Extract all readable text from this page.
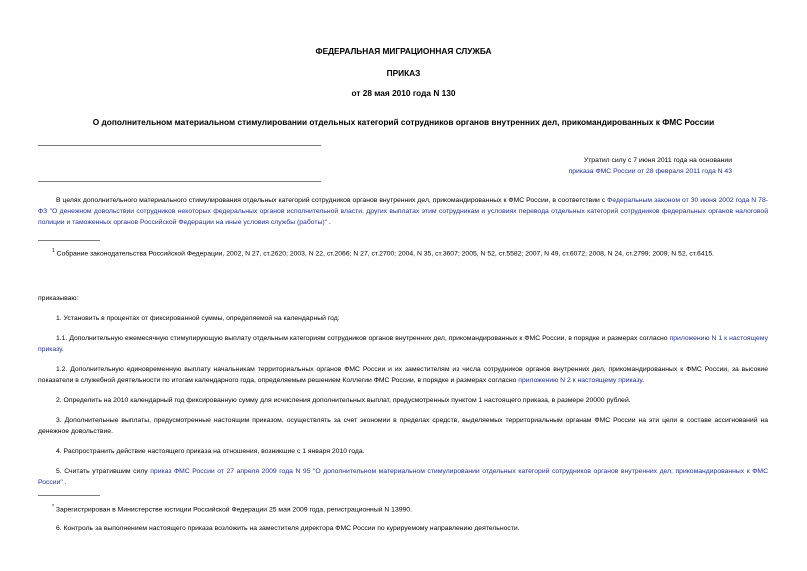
ФЕДЕРАЛЬНАЯ МИГРАЦИОННАЯ СЛУЖБА
ПРИКАЗ
от 28 мая 2010 года N 130
О дополнительном материальном стимулировании отдельных категорий сотрудников органов внутренних дел, прикомандированных к ФМС России
Утратил силу с 7 июня 2011 года на основании
приказа ФМС России от 28 февраля 2011 года N 43
В целях дополнительного материального стимулирования отдельных категорий сотрудников органов внутренних дел, прикомандированных к ФМС России, в соответствии с Федеральным законом от 30 июня 2002 года N 78-ФЗ "О денежном довольствии сотрудников некоторых федеральных органов исполнительной власти, других выплатах этим сотрудникам и условиях перевода отдельных категорий сотрудников федеральных органов налоговой полиции и таможенных органов Российской Федерации на иные условия службы (работы)" .
$^1$ Собрание законодательства Российской Федерации, 2002, N 27, ст.2620; 2003, N 22, ст.2066; N 27, ст.2700; 2004, N 35, ст.3607; 2005, N 52, ст.5582; 2007, N 49, ст.6072; 2008, N 24, ст.2799; 2009, N 52, ст.6415.
приказываю:
1. Установить в процентах от фиксированной суммы, определяемой на календарный год:
1.1. Дополнительную ежемесячную стимулирующую выплату отдельным категориям сотрудников органов внутренних дел, прикомандированных к ФМС России, в порядке и размерах согласно приложению N 1 к настоящему приказу.
1.2. Дополнительную единовременную выплату начальникам территориальных органов ФМС России и их заместителям из числа сотрудников органов внутренних дел, прикомандированных к ФМС России, за высокие показатели в служебной деятельности по итогам календарного года, определяемым решением Коллегии ФМС России, в порядке и размерах согласно приложению N 2 к настоящему приказу.
2. Определить на 2010 календарный год фиксированную сумму для исчисления дополнительных выплат, предусмотренных пунктом 1 настоящего приказа, в размере 20000 рублей.
3. Дополнительные выплаты, предусмотренные настоящим приказом, осуществлять за счет экономии в пределах средств, выделяемых территориальным органам ФМС России на эти цели в составе ассигнований на денежное довольствие.
4. Распространить действие настоящего приказа на отношения, возникшие с 1 января 2010 года.
5. Считать утратившим силу приказ ФМС России от 27 апреля 2009 года N 95 "О дополнительном материальном стимулировании отдельных категорий сотрудников органов внутренних дел, прикомандированных к ФМС России" .
* Зарегистрирован в Министерстве юстиции Российской Федерации 25 мая 2009 года, регистрационный N 13990.
6. Контроль за выполнением настоящего приказа возложить на заместителя директора ФМС России по курируемому направлению деятельности.
